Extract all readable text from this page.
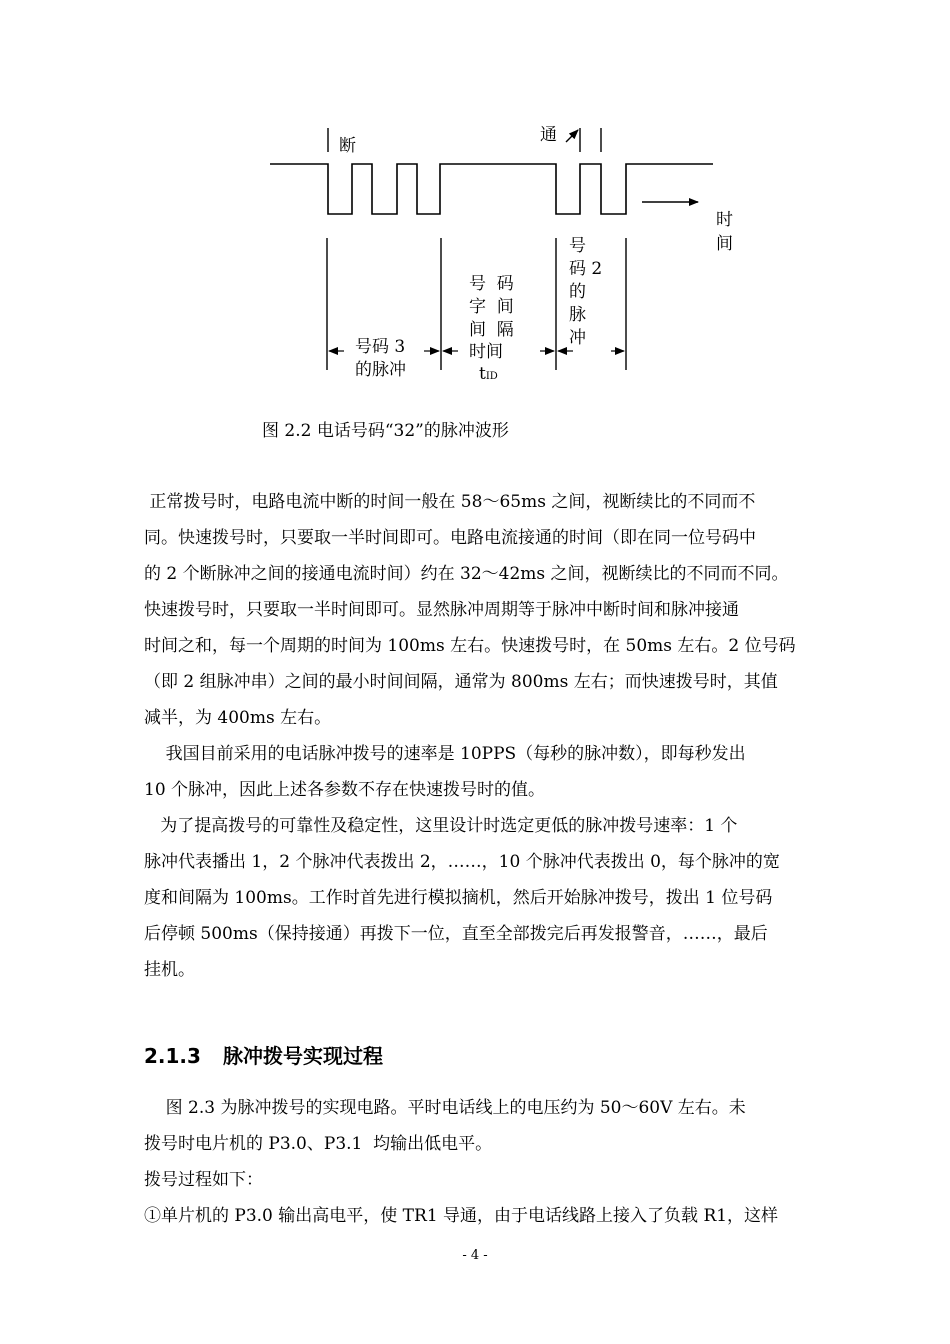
断
通
时
间
号
码 2
的
脉
冲
号  码
字  间
间  隔
时间
tID
号码 3
的脉冲
图 2.2 电话号码“32”的脉冲波形

正常拨号时，电路电流中断的时间一般在 58～65ms 之间，视断续比的不同而不
同。快速拨号时，只要取一半时间即可。电路电流接通的时间（即在同一位号码中
的 2 个断脉冲之间的接通电流时间）约在 32～42ms 之间，视断续比的不同而不同。
快速拨号时，只要取一半时间即可。显然脉冲周期等于脉冲中断时间和脉冲接通
时间之和，每一个周期的时间为 100ms 左右。快速拨号时，在 50ms 左右。2 位号码
（即 2 组脉冲串）之间的最小时间间隔，通常为 800ms 左右；而快速拨号时，其值
减半，为 400ms 左右。

我国目前采用的电话脉冲拨号的速率是 10PPS（每秒的脉冲数），即每秒发出
10 个脉冲，因此上述各参数不存在快速拨号时的值。

为了提高拨号的可靠性及稳定性，这里设计时选定更低的脉冲拨号速率：1 个
脉冲代表播出 1，2 个脉冲代表拨出 2，……，10 个脉冲代表拨出 0，每个脉冲的宽
度和间隔为 100ms。工作时首先进行模拟摘机，然后开始脉冲拨号，拨出 1 位号码
后停顿 500ms（保持接通）再拨下一位，直至全部拨完后再发报警音，……，最后
挂机。

2.1.3 脉冲拨号实现过程

图 2.3 为脉冲拨号的实现电路。平时电话线上的电压约为 50～60V 左右。未
拨号时电片机的 P3.0、P3.1  均输出低电平。

拨号过程如下：

①单片机的 P3.0 输出高电平，使 TR1 导通，由于电话线路上接入了负载 R1，这样

- 4 -
